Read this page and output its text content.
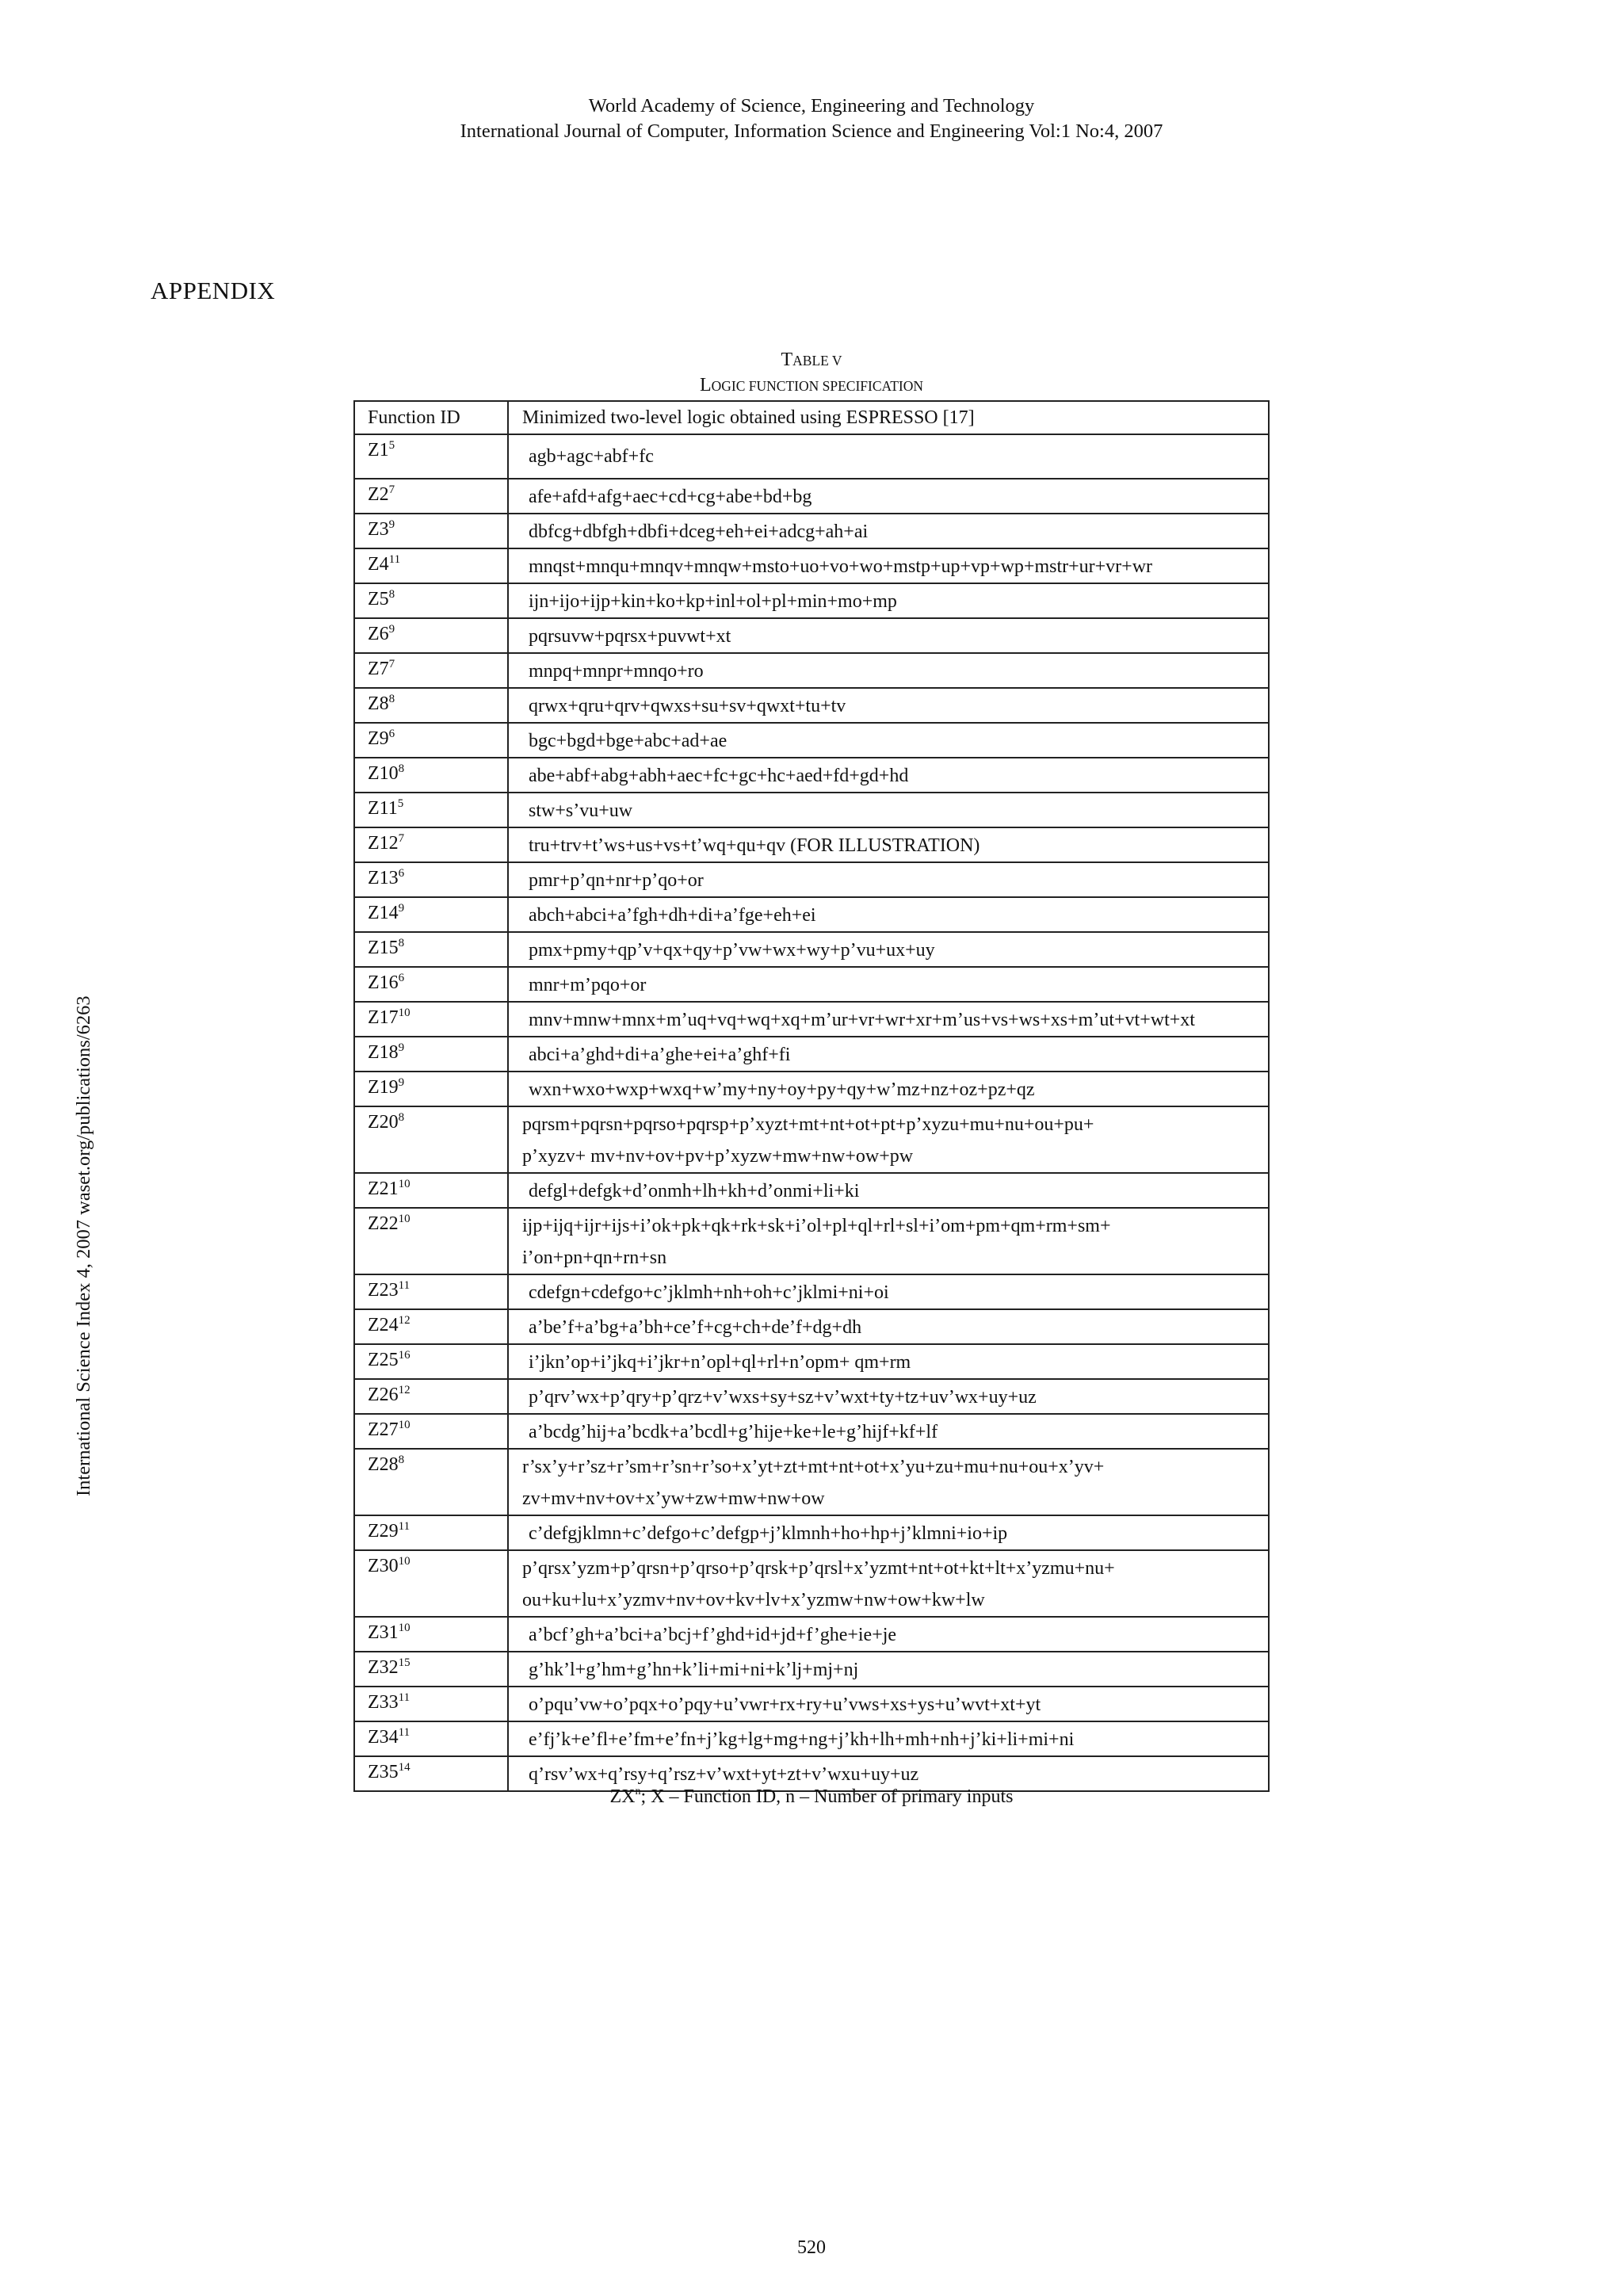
World Academy of Science, Engineering and Technology
International Journal of Computer, Information Science and Engineering Vol:1 No:4, 2007
International Science Index 4, 2007 waset.org/publications/6263
APPENDIX
TABLE V
LOGIC FUNCTION SPECIFICATION
Function ID	Minimized two-level logic obtained using ESPRESSO [17]

$Z1^5$	agb+agc+abf+fc

$Z2^7$	afe+afd+afg+aec+cd+cg+abe+bd+bg

$Z3^9$	dbfcg+dbfgh+dbfi+dceg+eh+ei+adcg+ah+ai

$Z4^{11}$	mnqst+mnqu+mnqv+mnqw+msto+uo+vo+wo+mstp+up+vp+wp+mstr+ur+vr+wr

$Z5^8$	ijn+ijo+ijp+kin+ko+kp+inl+ol+pl+min+mo+mp

$Z6^9$	pqrsuvw+pqrsx+puvwt+xt

$Z7^7$	mnpq+mnpr+mnqo+ro

$Z8^8$	qrwx+qru+qrv+qwxs+su+sv+qwxt+tu+tv

$Z9^6$	bgc+bgd+bge+abc+ad+ae

$Z10^8$	abe+abf+abg+abh+aec+fc+gc+hc+aed+fd+gd+hd

$Z11^5$	stw+s’vu+uw

$Z12^7$	tru+trv+t’ws+us+vs+t’wq+qu+qv (FOR ILLUSTRATION)

$Z13^6$	pmr+p’qn+nr+p’qo+or

$Z14^9$	abch+abci+a’fgh+dh+di+a’fge+eh+ei

$Z15^8$	pmx+pmy+qp’v+qx+qy+p’vw+wx+wy+p’vu+ux+uy

$Z16^6$	mnr+m’pqo+or

$Z17^{10}$	mnv+mnw+mnx+m’uq+vq+wq+xq+m’ur+vr+wr+xr+m’us+vs+ws+xs+m’ut+vt+wt+xt

$Z18^9$	abci+a’ghd+di+a’ghe+ei+a’ghf+fi

$Z19^9$	wxn+wxo+wxp+wxq+w’my+ny+oy+py+qy+w’mz+nz+oz+pz+qz

$Z20^8$	pqrsm+pqrsn+pqrso+pqrsp+p’xyzt+mt+nt+ot+pt+p’xyzu+mu+nu+ou+pu+
p’xyzv+ mv+nv+ov+pv+p’xyzw+mw+nw+ow+pw

$Z21^{10}$	defgl+defgk+d’onmh+lh+kh+d’onmi+li+ki

$Z22^{10}$	ijp+ijq+ijr+ijs+i’ok+pk+qk+rk+sk+i’ol+pl+ql+rl+sl+i’om+pm+qm+rm+sm+
i’on+pn+qn+rn+sn

$Z23^{11}$	cdefgn+cdefgo+c’jklmh+nh+oh+c’jklmi+ni+oi

$Z24^{12}$	a’be’f+a’bg+a’bh+ce’f+cg+ch+de’f+dg+dh

$Z25^{16}$	i’jkn’op+i’jkq+i’jkr+n’opl+ql+rl+n’opm+ qm+rm

$Z26^{12}$	p’qrv’wx+p’qry+p’qrz+v’wxs+sy+sz+v’wxt+ty+tz+uv’wx+uy+uz

$Z27^{10}$	a’bcdg’hij+a’bcdk+a’bcdl+g’hije+ke+le+g’hijf+kf+lf

$Z28^8$	r’sx’y+r’sz+r’sm+r’sn+r’so+x’yt+zt+mt+nt+ot+x’yu+zu+mu+nu+ou+x’yv+
zv+mv+nv+ov+x’yw+zw+mw+nw+ow

$Z29^{11}$	c’defgjklmn+c’defgo+c’defgp+j’klmnh+ho+hp+j’klmni+io+ip

$Z30^{10}$	p’qrsx’yzm+p’qrsn+p’qrso+p’qrsk+p’qrsl+x’yzmt+nt+ot+kt+lt+x’yzmu+nu+
ou+ku+lu+x’yzmv+nv+ov+kv+lv+x’yzmw+nw+ow+kw+lw

$Z31^{10}$	a’bcf’gh+a’bci+a’bcj+f’ghd+id+jd+f’ghe+ie+je

$Z32^{15}$	g’hk’l+g’hm+g’hn+k’li+mi+ni+k’lj+mj+nj

$Z33^{11}$	o’pqu’vw+o’pqx+o’pqy+u’vwr+rx+ry+u’vws+xs+ys+u’wvt+xt+yt

$Z34^{11}$	e’fj’k+e’fl+e’fm+e’fn+j’kg+lg+mg+ng+j’kh+lh+mh+nh+j’ki+li+mi+ni

$Z35^{14}$	q’rsv’wx+q’rsy+q’rsz+v’wxt+yt+zt+v’wxu+uy+uz
$ZX^n$; X – Function ID, n – Number of primary inputs
520
